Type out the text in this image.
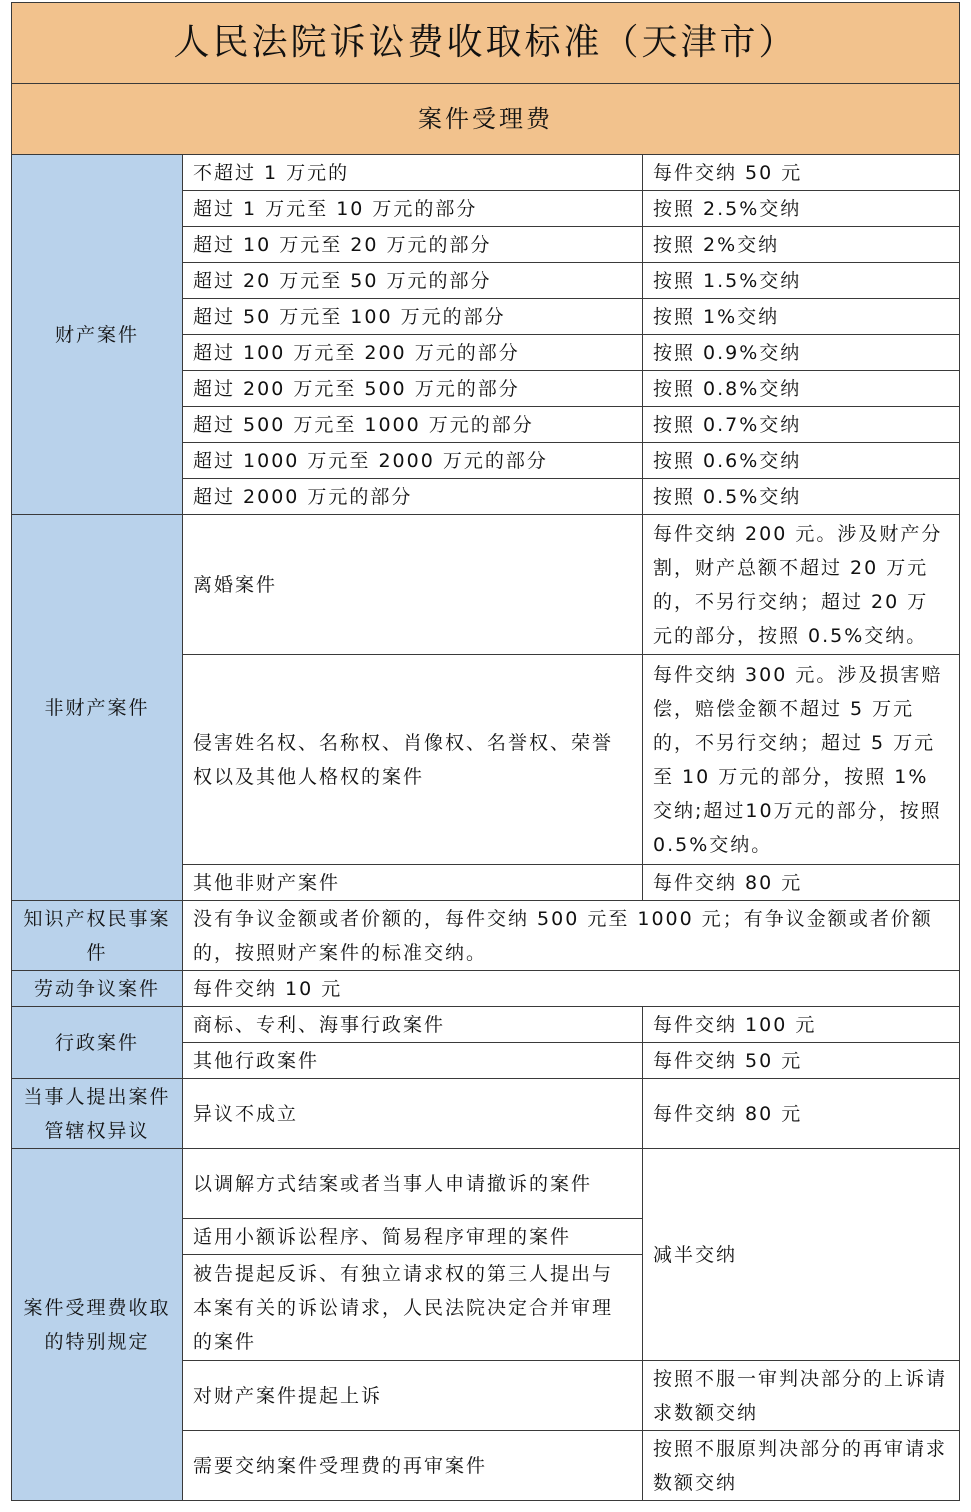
人民法院诉讼费收取标准（天津市）		
案件受理费		
财产案件	不超过 1 万元的	每件交纳 50 元
	超过 1 万元至 10 万元的部分	按照 2.5%交纳
	超过 10 万元至 20 万元的部分	按照 2%交纳
	超过 20 万元至 50 万元的部分	按照 1.5%交纳
	超过 50 万元至 100 万元的部分	按照 1%交纳
	超过 100 万元至 200 万元的部分	按照 0.9%交纳
	超过 200 万元至 500 万元的部分	按照 0.8%交纳
	超过 500 万元至 1000 万元的部分	按照 0.7%交纳
	超过 1000 万元至 2000 万元的部分	按照 0.6%交纳
	超过 2000 万元的部分	按照 0.5%交纳
非财产案件	离婚案件	每件交纳 200 元。涉及财产分割，财产总额不超过 20 万元的，不另行交纳；超过 20 万元的部分，按照 0.5%交纳。
	侵害姓名权、名称权、肖像权、名誉权、荣誉权以及其他人格权的案件	每件交纳 300 元。涉及损害赔偿，赔偿金额不超过 5 万元的，不另行交纳；超过 5 万元至 10 万元的部分，按照 1%交纳;超过10万元的部分，按照 0.5%交纳。
	其他非财产案件	每件交纳 80 元
知识产权民事案件	没有争议金额或者价额的，每件交纳 500 元至 1000 元；有争议金额或者价额的，按照财产案件的标准交纳。	
劳动争议案件	每件交纳 10 元	
行政案件	商标、专利、海事行政案件	每件交纳 100 元
	其他行政案件	每件交纳 50 元
当事人提出案件管辖权异议	异议不成立	每件交纳 80 元
案件受理费收取的特别规定	以调解方式结案或者当事人申请撤诉的案件	减半交纳
	适用小额诉讼程序、简易程序审理的案件	
	被告提起反诉、有独立请求权的第三人提出与本案有关的诉讼请求，人民法院决定合并审理的案件	
	对财产案件提起上诉	按照不服一审判决部分的上诉请求数额交纳
	需要交纳案件受理费的再审案件	按照不服原判决部分的再审请求数额交纳
